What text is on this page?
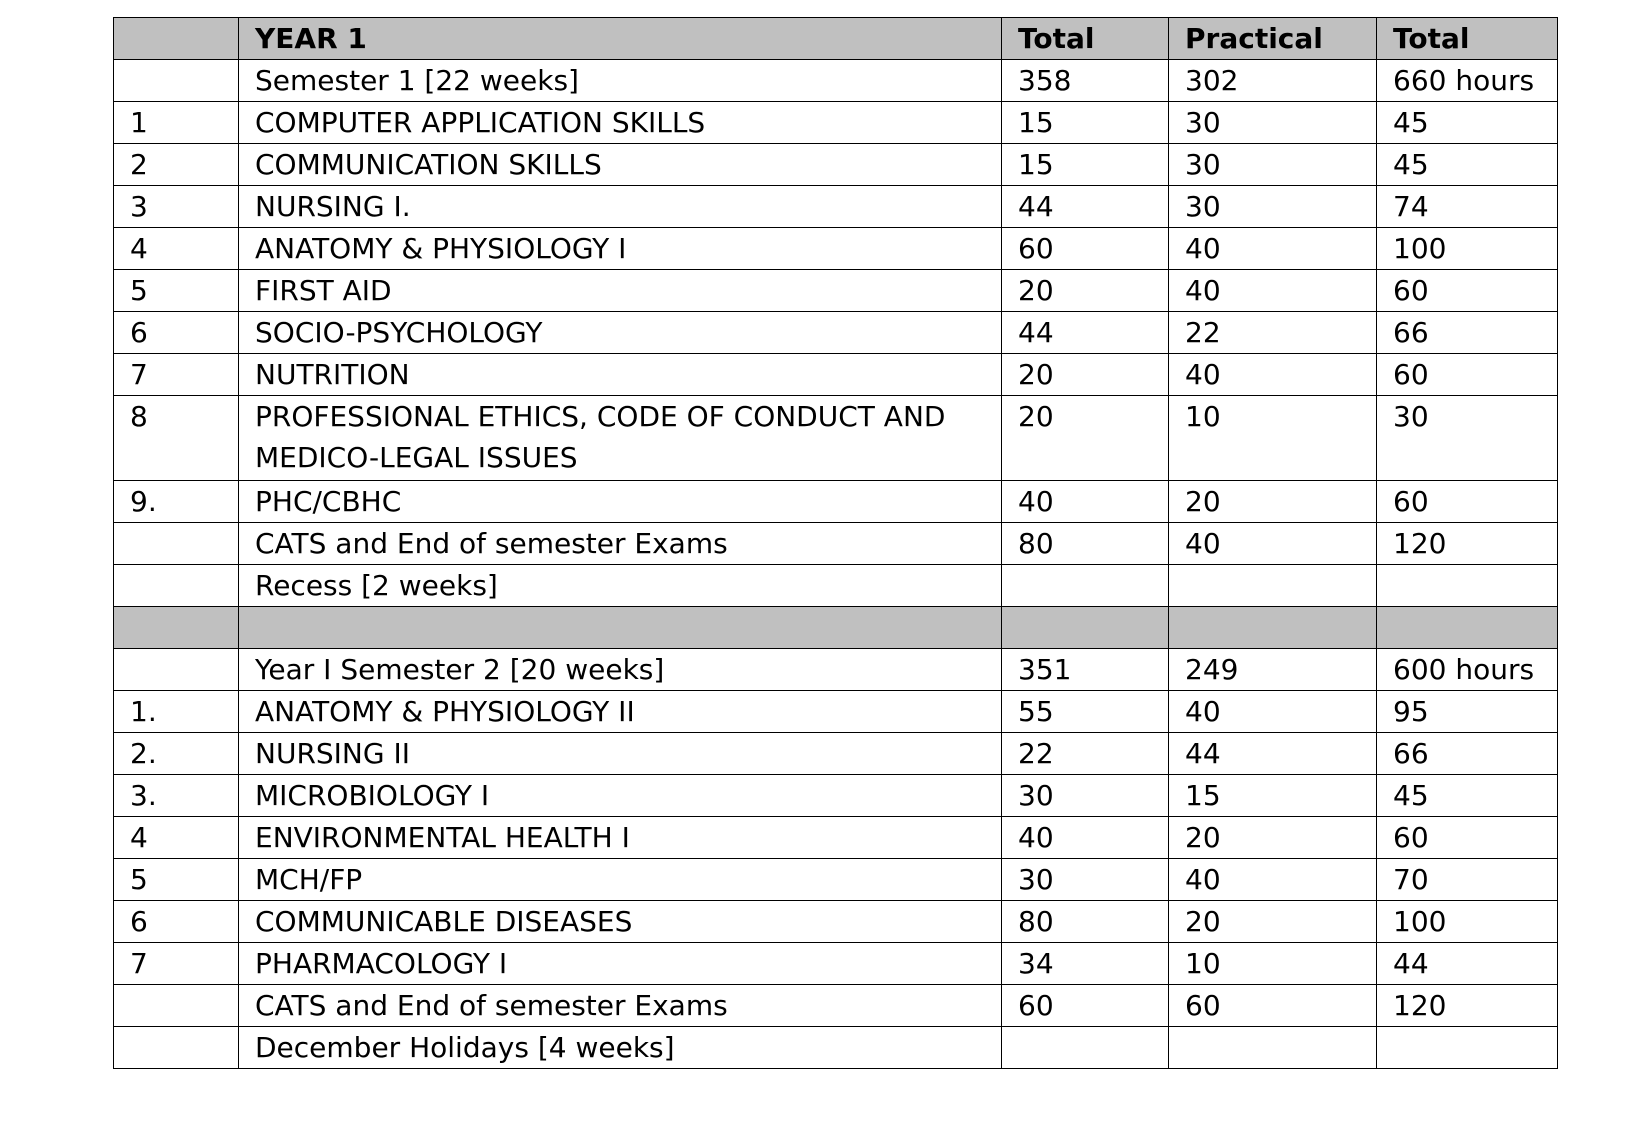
	YEAR 1	Total	Practical	Total
	Semester 1 [22 weeks]	358	302	660 hours
1	COMPUTER APPLICATION SKILLS	15	30	45
2	COMMUNICATION SKILLS	15	30	45
3	NURSING I.	44	30	74
4	ANATOMY & PHYSIOLOGY I	60	40	100
5	FIRST AID	20	40	60
6	SOCIO-PSYCHOLOGY	44	22	66
7	NUTRITION	20	40	60
8	PROFESSIONAL ETHICS, CODE OF CONDUCT AND MEDICO-LEGAL ISSUES	20	10	30
9.	PHC/CBHC	40	20	60
	CATS and End of semester Exams	80	40	120
	Recess [2 weeks]			

	Year I Semester 2 [20 weeks]	351	249	600 hours
1.	ANATOMY & PHYSIOLOGY II	55	40	95
2.	NURSING II	22	44	66
3.	MICROBIOLOGY I	30	15	45
4	ENVIRONMENTAL HEALTH I	40	20	60
5	MCH/FP	30	40	70
6	COMMUNICABLE DISEASES	80	20	100
7	PHARMACOLOGY I	34	10	44
	CATS and End of semester Exams	60	60	120
	December Holidays [4 weeks]			
